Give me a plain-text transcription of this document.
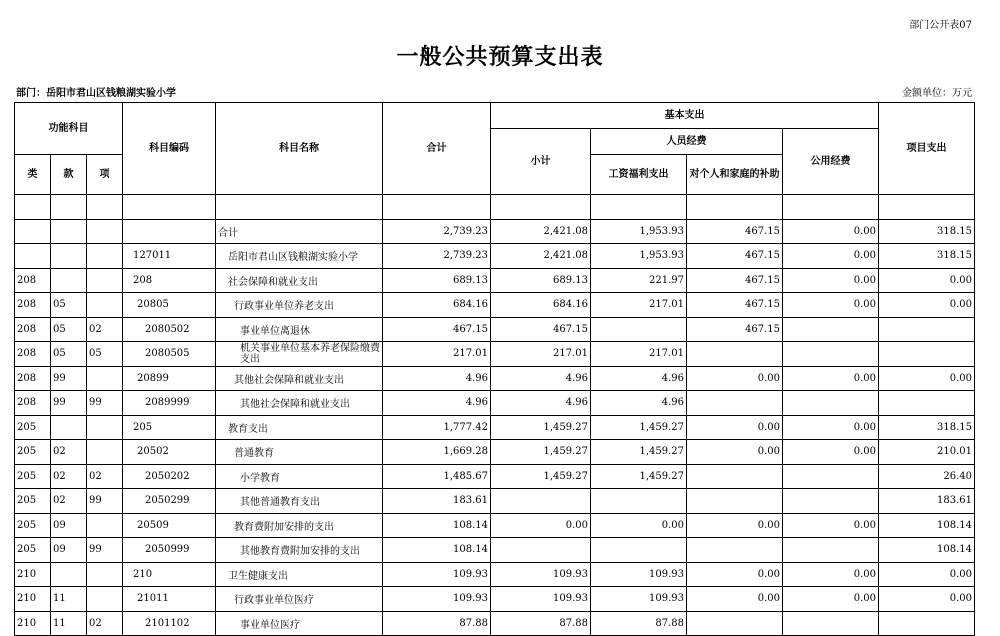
部门公开表07
一般公共预算支出表
部门：岳阳市君山区钱粮湖实验小学	金额单位：万元
功能科目			科目编码	科目名称	合计	基本支出				项目支出
						小计	人员经费		公用经费	
类	款	项					工资福利支出	对个人和家庭的补助		

				合计	2,739.23	2,421.08	1,953.93	467.15	0.00	318.15
			127011	岳阳市君山区钱粮湖实验小学	2,739.23	2,421.08	1,953.93	467.15	0.00	318.15
208			208	社会保障和就业支出	689.13	689.13	221.97	467.15	0.00	0.00
208	05		20805	行政事业单位养老支出	684.16	684.16	217.01	467.15	0.00	0.00
208	05	02	2080502	事业单位离退休	467.15	467.15		467.15		
208	05	05	2080505	机关事业单位基本养老保险缴费支出	217.01	217.01	217.01			
208	99		20899	其他社会保障和就业支出	4.96	4.96	4.96	0.00	0.00	0.00
208	99	99	2089999	其他社会保障和就业支出	4.96	4.96	4.96			
205			205	教育支出	1,777.42	1,459.27	1,459.27	0.00	0.00	318.15
205	02		20502	普通教育	1,669.28	1,459.27	1,459.27	0.00	0.00	210.01
205	02	02	2050202	小学教育	1,485.67	1,459.27	1,459.27			26.40
205	02	99	2050299	其他普通教育支出	183.61					183.61
205	09		20509	教育费附加安排的支出	108.14	0.00	0.00	0.00	0.00	108.14
205	09	99	2050999	其他教育费附加安排的支出	108.14					108.14
210			210	卫生健康支出	109.93	109.93	109.93	0.00	0.00	0.00
210	11		21011	行政事业单位医疗	109.93	109.93	109.93	0.00	0.00	0.00
210	11	02	2101102	事业单位医疗	87.88	87.88	87.88			
